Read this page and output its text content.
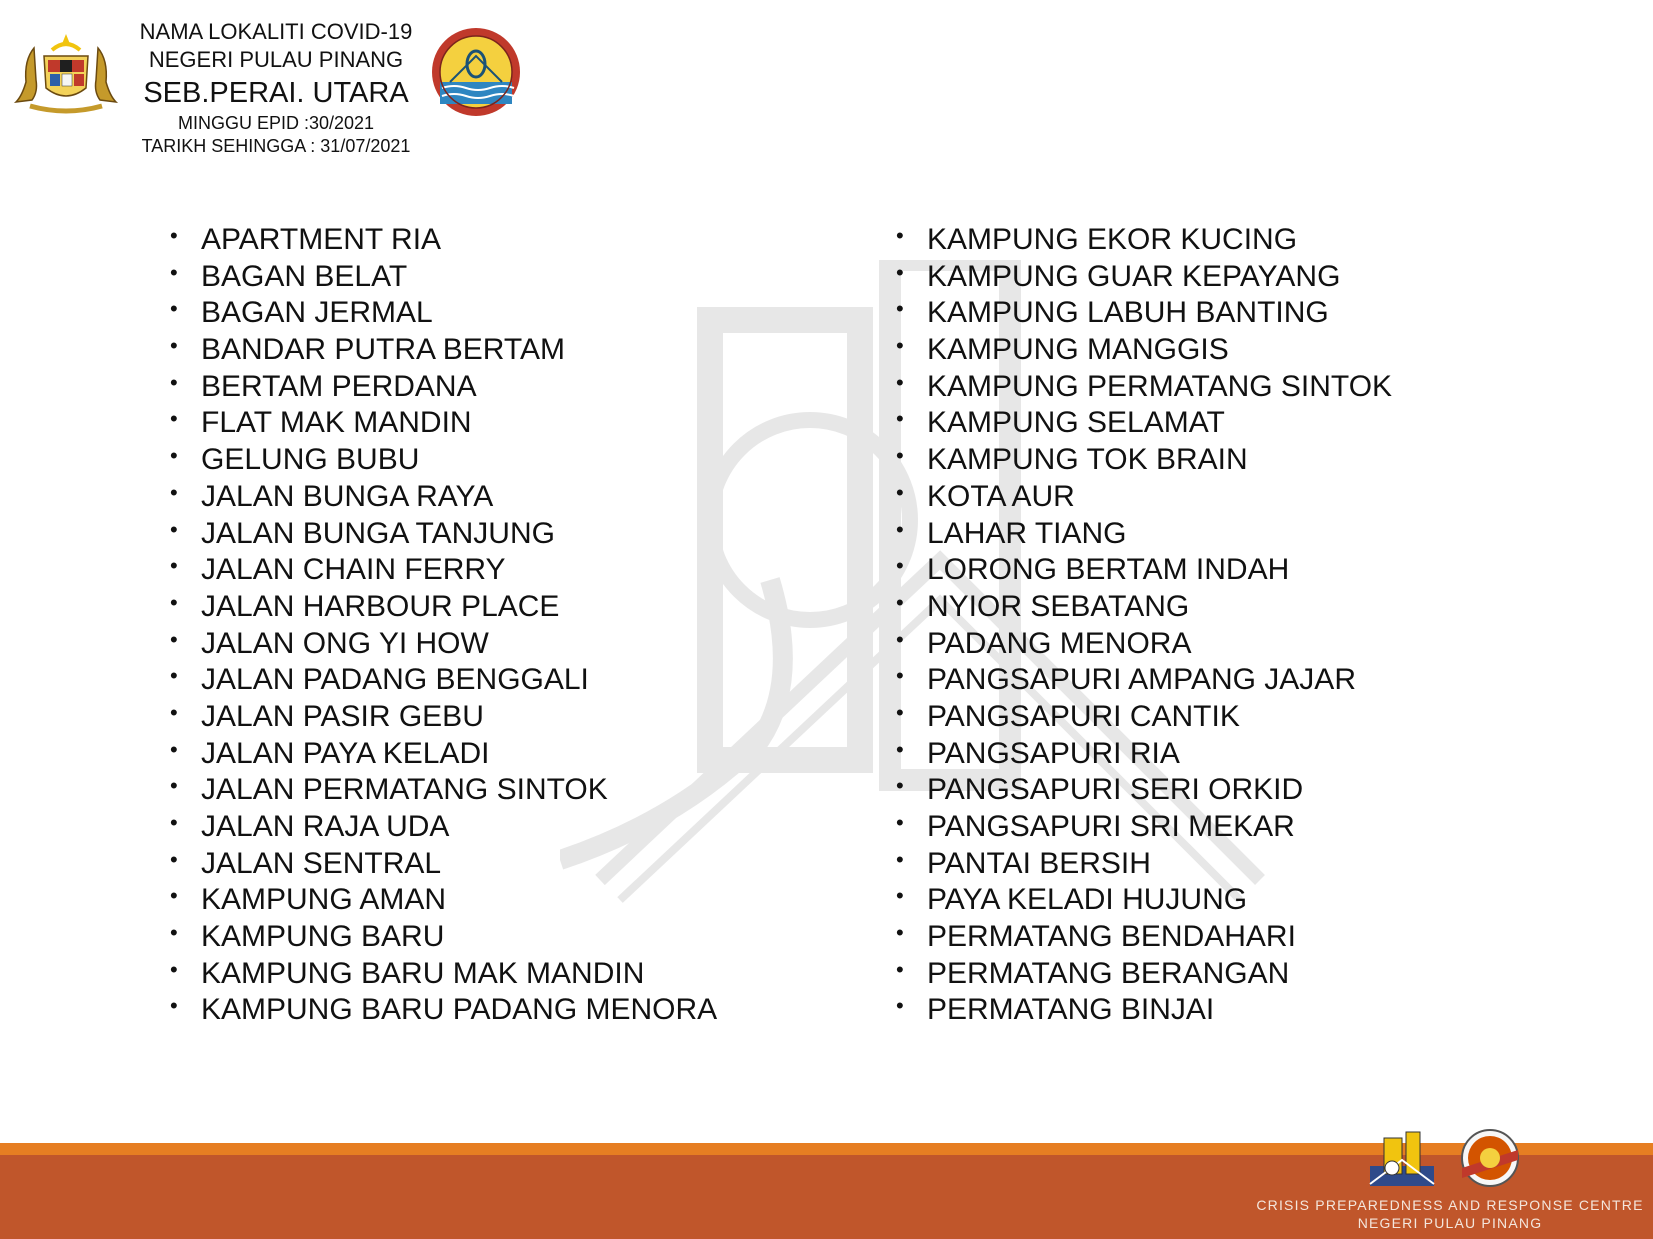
NAMA LOKALITI COVID-19
NEGERI PULAU PINANG
SEB.PERAI. UTARA
MINGGU EPID :30/2021
TARIKH SEHINGGA : 31/07/2021
• APARTMENT RIA
• BAGAN BELAT
• BAGAN JERMAL
• BANDAR PUTRA BERTAM
• BERTAM PERDANA
• FLAT MAK MANDIN
• GELUNG BUBU
• JALAN BUNGA RAYA
• JALAN BUNGA TANJUNG
• JALAN CHAIN FERRY
• JALAN HARBOUR PLACE
• JALAN ONG YI HOW
• JALAN PADANG BENGGALI
• JALAN PASIR GEBU
• JALAN PAYA KELADI
• JALAN PERMATANG SINTOK
• JALAN RAJA UDA
• JALAN SENTRAL
• KAMPUNG AMAN
• KAMPUNG BARU
• KAMPUNG BARU MAK MANDIN
• KAMPUNG BARU PADANG MENORA
• KAMPUNG EKOR KUCING
• KAMPUNG GUAR KEPAYANG
• KAMPUNG LABUH BANTING
• KAMPUNG MANGGIS
• KAMPUNG PERMATANG SINTOK
• KAMPUNG SELAMAT
• KAMPUNG TOK BRAIN
• KOTA AUR
• LAHAR TIANG
• LORONG BERTAM INDAH
• NYIOR SEBATANG
• PADANG MENORA
• PANGSAPURI AMPANG JAJAR
• PANGSAPURI CANTIK
• PANGSAPURI RIA
• PANGSAPURI SERI ORKID
• PANGSAPURI SRI MEKAR
• PANTAI BERSIH
• PAYA KELADI HUJUNG
• PERMATANG BENDAHARI
• PERMATANG BERANGAN
• PERMATANG BINJAI
CRISIS PREPAREDNESS AND RESPONSE CENTRE
NEGERI PULAU PINANG
